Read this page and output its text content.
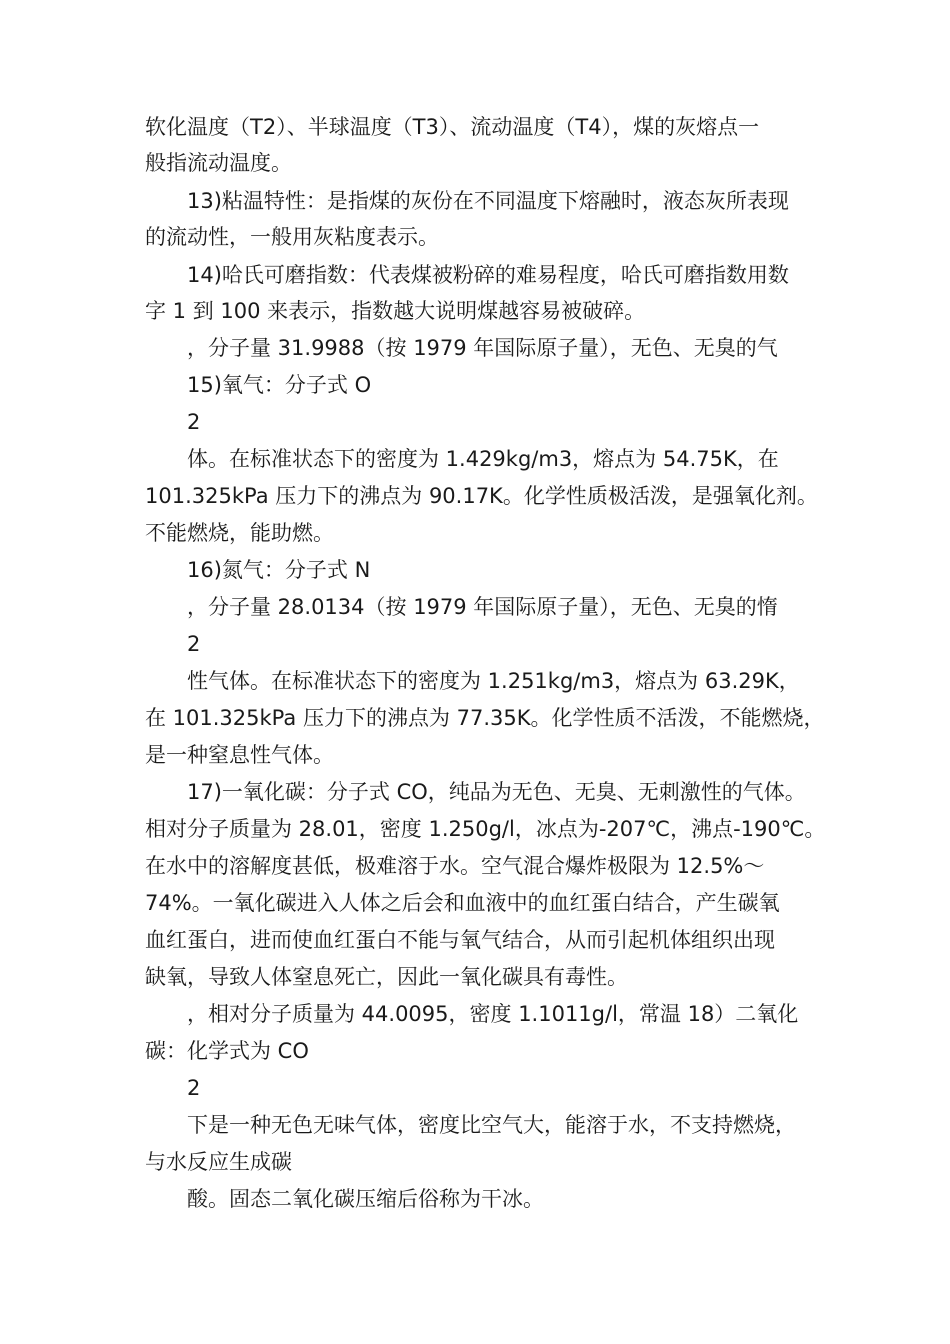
软化温度（T2）、半球温度（T3）、流动温度（T4），煤的灰熔点一
般指流动温度。
13)粘温特性：是指煤的灰份在不同温度下熔融时，液态灰所表现
的流动性，一般用灰粘度表示。
14)哈氏可磨指数：代表煤被粉碎的难易程度，哈氏可磨指数用数
字 1 到 100 来表示，指数越大说明煤越容易被破碎。
，分子量 31.9988（按 1979 年国际原子量），无色、无臭的气
15)氧气：分子式 O
2
体。在标准状态下的密度为 1.429kg/m3，熔点为 54.75K，在
101.325kPa 压力下的沸点为 90.17K。化学性质极活泼，是强氧化剂。
不能燃烧，能助燃。
16)氮气：分子式 N
，分子量 28.0134（按 1979 年国际原子量），无色、无臭的惰
2
性气体。在标准状态下的密度为 1.251kg/m3，熔点为 63.29K，
在 101.325kPa 压力下的沸点为 77.35K。化学性质不活泼，不能燃烧，
是一种窒息性气体。
17)一氧化碳：分子式 CO，纯品为无色、无臭、无刺激性的气体。
相对分子质量为 28.01，密度 1.250g/l，冰点为-207℃，沸点-190℃。
在水中的溶解度甚低，极难溶于水。空气混合爆炸极限为 12.5%～
74%。一氧化碳进入人体之后会和血液中的血红蛋白结合，产生碳氧
血红蛋白，进而使血红蛋白不能与氧气结合，从而引起机体组织出现
缺氧，导致人体窒息死亡，因此一氧化碳具有毒性。
，相对分子质量为 44.0095，密度 1.1011g/l，常温 18）二氧化
碳：化学式为 CO
2
下是一种无色无味气体，密度比空气大，能溶于水，不支持燃烧，
与水反应生成碳
酸。固态二氧化碳压缩后俗称为干冰。
